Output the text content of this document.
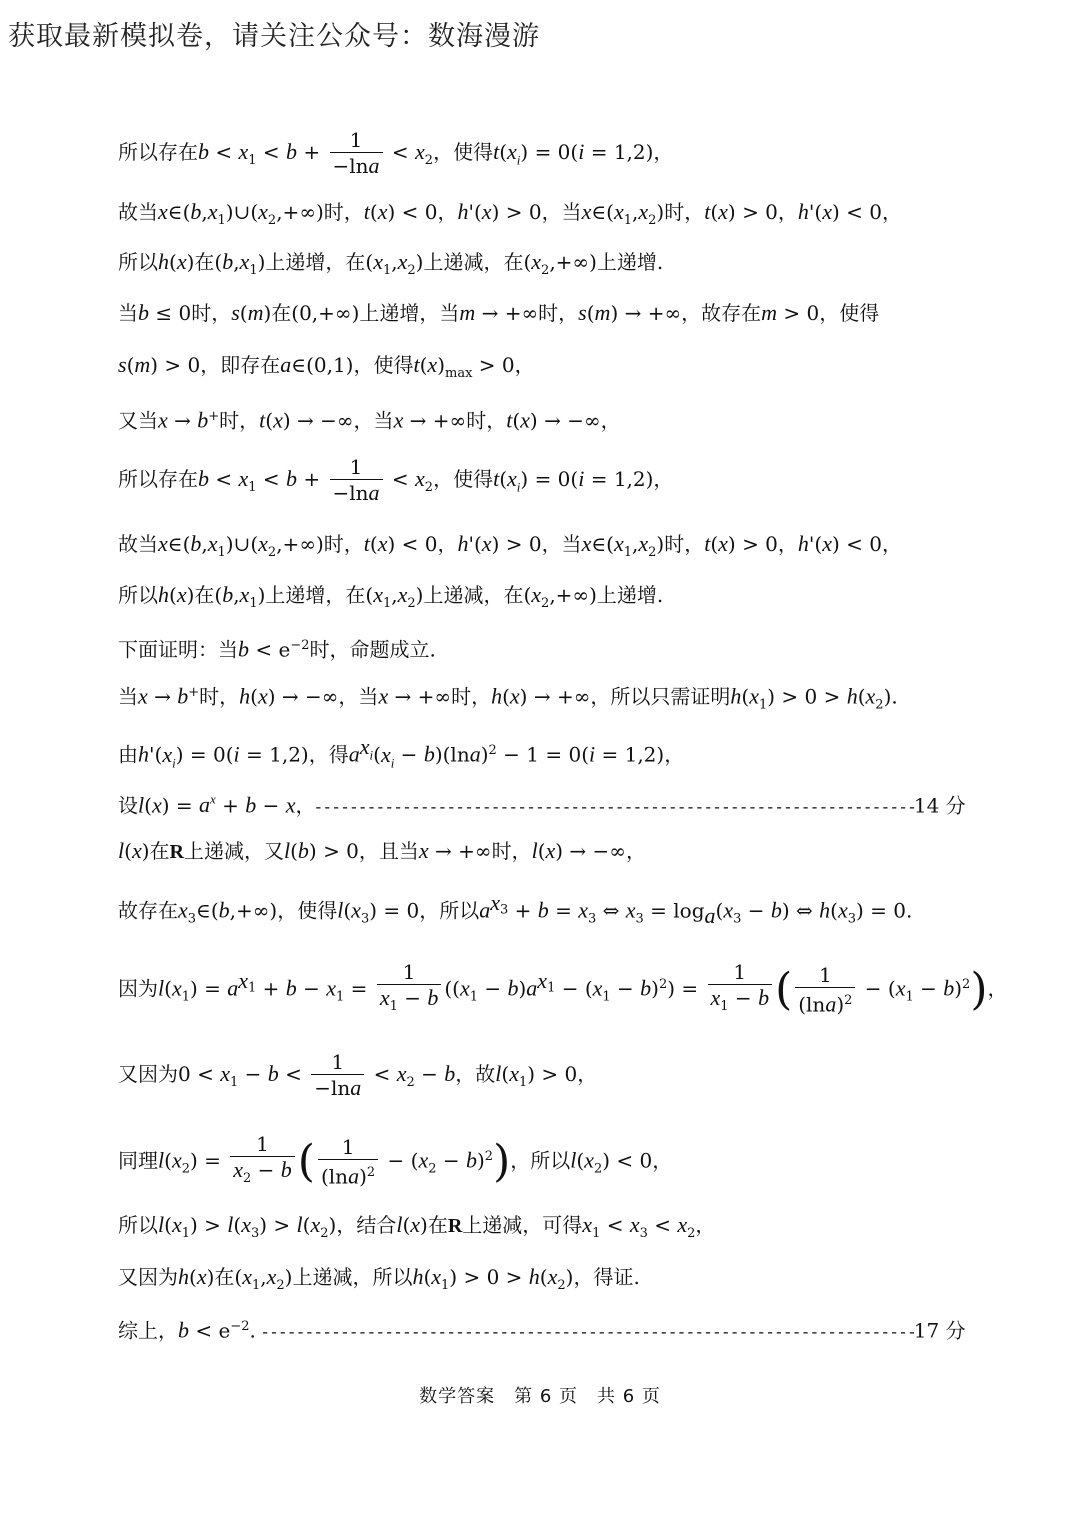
获取最新模拟卷，请关注公众号：数海漫游
所以存在$b < x_1 < b + \frac{1}{-\ln a} < x_2$，使得$t(x_i) = 0(i = 1,2)$，
故当$x\in(b,x_1)\cup(x_2,+\infty)$时，t(x) < 0，h'(x) > 0，当$x\in(x_1,x_2)$时，t(x) > 0，h'(x) < 0，
所以h(x)在$(b,x_1)$上递增，在$(x_1,x_2)$上递减，在$(x_2,+\infty)$上递增.
当b ≤ 0时，s(m)在(0,+∞)上递增，当m → +∞时，s(m) → +∞，故存在m > 0，使得
s(m) > 0，即存在a∈(0,1)，使得$t(x)_{max} > 0$，
又当x → b+时，t(x) → −∞，当x → +∞时，t(x) → −∞，
所以存在$b < x_1 < b + \frac{1}{-\ln a} < x_2$，使得$t(x_i) = 0(i = 1,2)$，
故当$x\in(b,x_1)\cup(x_2,+\infty)$时，t(x) < 0，h'(x) > 0，当$x\in(x_1,x_2)$时，t(x) > 0，h'(x) < 0，
所以h(x)在$(b,x_1)$上递增，在$(x_1,x_2)$上递减，在$(x_2,+\infty)$上递增.
下面证明：当$b < e^{-2}$时，命题成立.
当x → b+时，h(x) → −∞，当x → +∞时，h(x) → +∞，所以只需证明$h(x_1) > 0 > h(x_2)$.
由$h'(x_i) = 0(i = 1,2)$，得$a^{x_i}(x_i - b)(\ln a)^2 - 1 = 0(i = 1,2)$，
设$l(x) = a^x + b - x$，- - - - - - - - - - - - - - - - - - - - - - - - - - - - - - - - - - - - - - - - - - - - - - - - - - - - - - - - - - - - - - - - - - - -14 分
l(x)在R上递减，又l(b) > 0，且当x → +∞时，l(x) → −∞，
故存在$x_3\in(b,+\infty)$，使得$l(x_3) = 0$，所以$a^{x_3} + b = x_3$ ⇔ $x_3 = \log_a(x_3 - b)$ ⇔ $h(x_3) = 0$.
因为$l(x_1) = a^{x_1} + b - x_1 = \frac{1}{x_1 - b} ((x_1 - b)a^{x_1} - (x_1 - b)^2) = \frac{1}{x_1 - b}$ ( $\frac{1}{(\ln a)^2} - (x_1 - b)^2$)，
又因为$0 < x_1 - b < \frac{1}{-\ln a} < x_2 - b$，故$l(x_1) > 0$，
同理$l(x_2) = \frac{1}{x_2 - b}$ ( $\frac{1}{(\ln a)^2} - (x_2 - b)^2$)，所以$l(x_2) < 0$，
所以$l(x_1) > l(x_3) > l(x_2)$，结合l(x)在R上递减，可得$x_1 < x_3 < x_2$，
又因为h(x)在$(x_1,x_2)$上递减，所以$h(x_1) > 0 > h(x_2)$，得证.
综上，$b < e^{-2}$. - - - - - - - - - - - - - - - - - - - - - - - - - - - - - - - - - - - - - - - - - - - - - - - - - - - - - - - - - - - - - - - - - - - - - - - - - -17 分
数学答案　第 6 页　共 6 页
